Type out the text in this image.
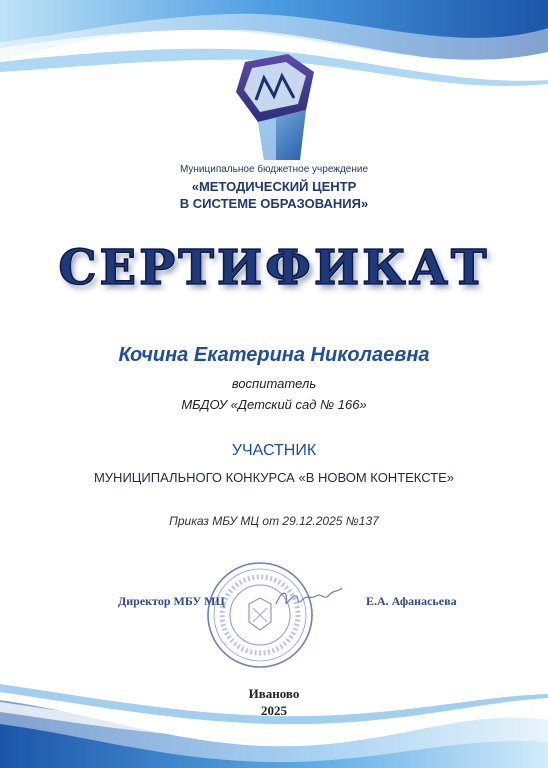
Муниципальное бюджетное учреждение

«МЕТОДИЧЕСКИЙ ЦЕНТР

В СИСТЕМЕ ОБРАЗОВАНИЯ»

СЕРТИФИКАТ
Кочина Екатерина Николаевна
воспитатель
МБДОУ «Детский сад № 166»
УЧАСТНИК
МУНИЦИПАЛЬНОГО КОНКУРСА «В НОВОМ КОНТЕКСТЕ»
Приказ МБУ МЦ от 29.12.2025 №137
Директор МБУ МЦ	Е.А. Афанасьева
Иваново
2025
